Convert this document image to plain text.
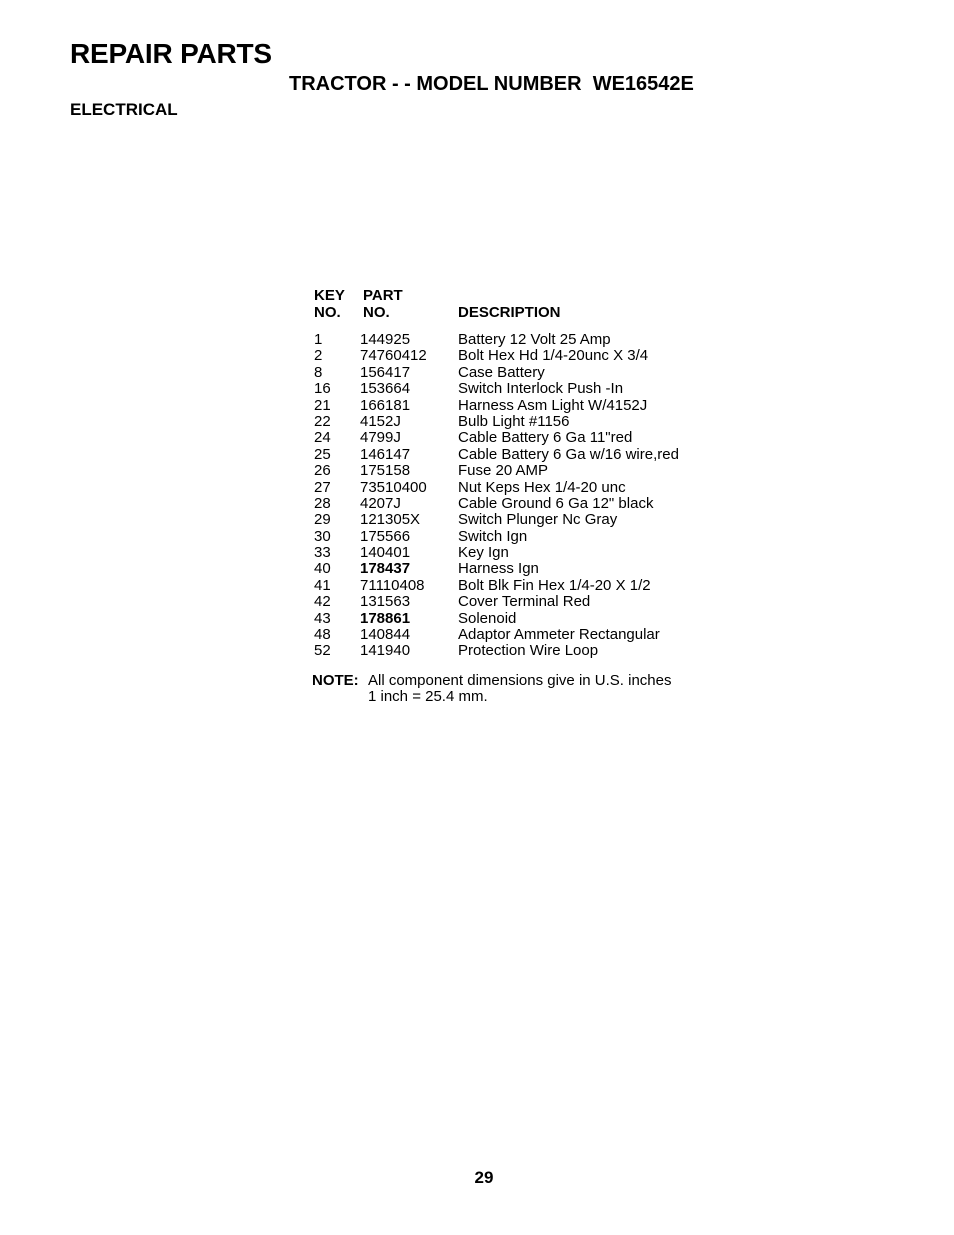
REPAIR PARTS
TRACTOR - - MODEL NUMBER  WE16542E
ELECTRICAL
KEY
NO.
PART
NO.	DESCRIPTION
1	144925	Battery 12 Volt 25 Amp
2	74760412 Bolt Hex Hd 1/4-20unc X 3/4
8	156417	Case Battery
16 153664	Switch Interlock Push -In
21 166181	Harness Asm Light W/4152J
22 4152J	Bulb Light #1156
24 4799J	Cable Battery 6 Ga 11"red
25 146147	Cable Battery 6 Ga w/16 wire,red
26 175158	Fuse 20 AMP
27 73510400 Nut Keps Hex 1/4-20 unc
28 4207J	Cable Ground 6 Ga 12" black
29 121305X	Switch Plunger Nc Gray
30 175566	Switch Ign
33 140401	Key Ign
40 178437	Harness Ign
41 71110408 Bolt Blk Fin Hex 1/4-20 X 1/2
42 131563	Cover Terminal Red
43 178861	Solenoid
48 140844	Adaptor Ammeter Rectangular
52 141940	Protection Wire Loop
NOTE: All component dimensions give in U.S. inches
1 inch = 25.4 mm.
29
